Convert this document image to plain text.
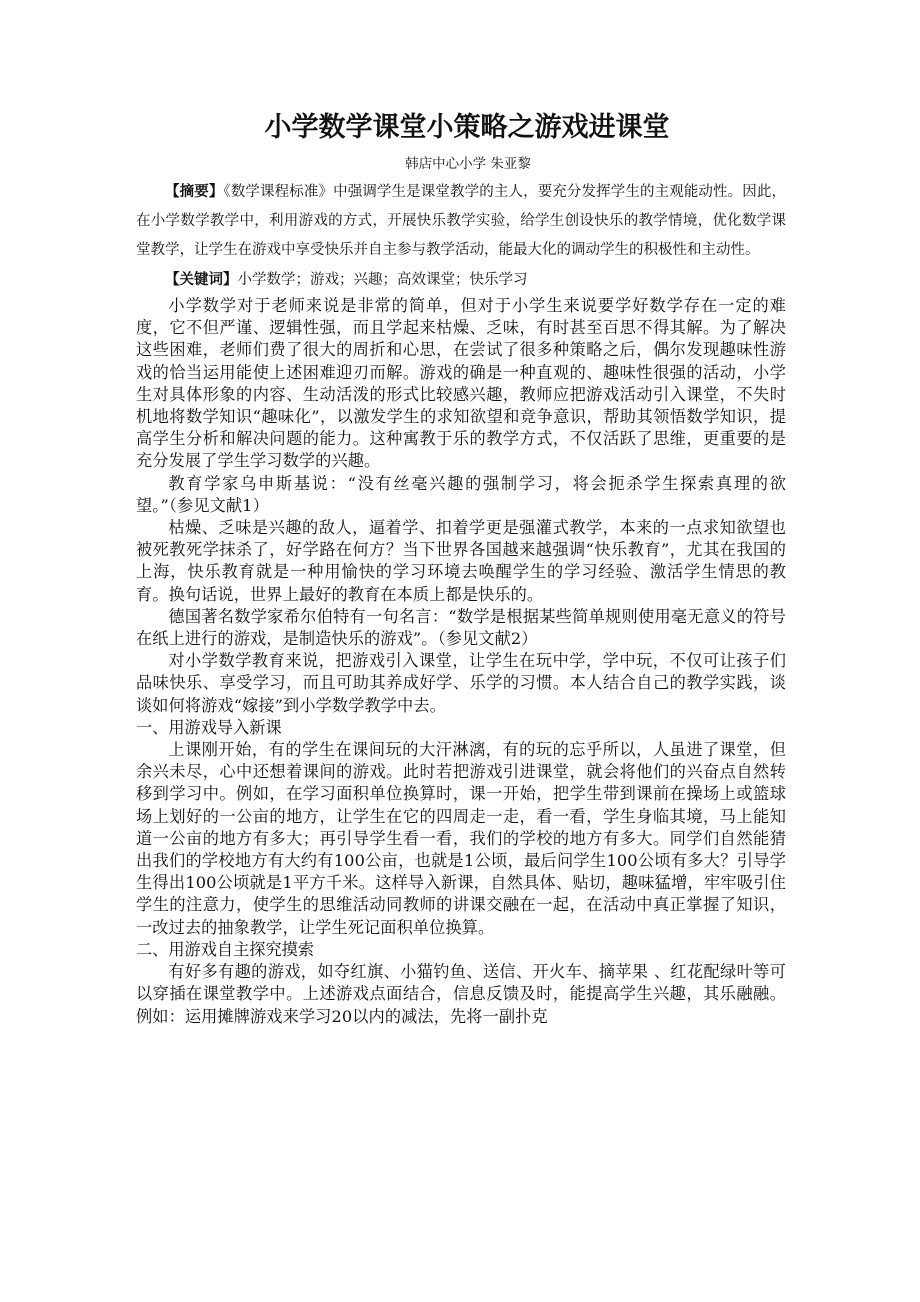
小学数学课堂小策略之游戏进课堂
韩店中心小学 朱亚黎

【摘要】《数学课程标准》中强调学生是课堂教学的主人，要充分发挥学生的主观能动性。因此，在小学数学教学中，利用游戏的方式，开展快乐教学实验，给学生创设快乐的教学情境，优化数学课堂教学，让学生在游戏中享受快乐并自主参与教学活动，能最大化的调动学生的积极性和主动性。

【关键词】小学数学；游戏；兴趣；高效课堂；快乐学习

小学数学对于老师来说是非常的简单，但对于小学生来说要学好数学存在一定的难度，它不但严谨、逻辑性强，而且学起来枯燥、乏味，有时甚至百思不得其解。为了解决这些困难，老师们费了很大的周折和心思，在尝试了很多种策略之后，偶尔发现趣味性游戏的恰当运用能使上述困难迎刃而解。游戏的确是一种直观的、趣味性很强的活动，小学生对具体形象的内容、生动活泼的形式比较感兴趣，教师应把游戏活动引入课堂，不失时机地将数学知识“趣味化”，以激发学生的求知欲望和竞争意识，帮助其领悟数学知识，提高学生分析和解决问题的能力。这种寓教于乐的教学方式，不仅活跃了思维，更重要的是充分发展了学生学习数学的兴趣。

教育学家乌申斯基说：“没有丝毫兴趣的强制学习，将会扼杀学生探索真理的欲望。”（参见文献1）

枯燥、乏味是兴趣的敌人，逼着学、扣着学更是强灌式教学，本来的一点求知欲望也被死教死学抹杀了，好学路在何方？当下世界各国越来越强调“快乐教育”，尤其在我国的上海，快乐教育就是一种用愉快的学习环境去唤醒学生的学习经验、激活学生情思的教育。换句话说，世界上最好的教育在本质上都是快乐的。

德国著名数学家希尔伯特有一句名言：“数学是根据某些简单规则使用毫无意义的符号在纸上进行的游戏，是制造快乐的游戏”。（参见文献2）

对小学数学教育来说，把游戏引入课堂，让学生在玩中学，学中玩，不仅可让孩子们品味快乐、享受学习，而且可助其养成好学、乐学的习惯。本人结合自己的教学实践，谈谈如何将游戏“嫁接”到小学数学教学中去。

一、用游戏导入新课

上课刚开始，有的学生在课间玩的大汗淋漓，有的玩的忘乎所以，人虽进了课堂，但余兴未尽，心中还想着课间的游戏。此时若把游戏引进课堂，就会将他们的兴奋点自然转移到学习中。例如，在学习面积单位换算时，课一开始，把学生带到课前在操场上或篮球场上划好的一公亩的地方，让学生在它的四周走一走，看一看，学生身临其境，马上能知道一公亩的地方有多大；再引导学生看一看，我们的学校的地方有多大。同学们自然能猜出我们的学校地方有大约有100公亩，也就是1公顷，最后问学生100公顷有多大？引导学生得出100公顷就是1平方千米。这样导入新课，自然具体、贴切，趣味猛增，牢牢吸引住学生的注意力，使学生的思维活动同教师的讲课交融在一起，在活动中真正掌握了知识，一改过去的抽象教学，让学生死记面积单位换算。

二、用游戏自主探究摸索

有好多有趣的游戏，如夺红旗、小猫钓鱼、送信、开火车、摘苹果 、红花配绿叶等可以穿插在课堂教学中。上述游戏点面结合，信息反馈及时，能提高学生兴趣，其乐融融。例如：运用摊牌游戏来学习20以内的减法，先将一副扑克
